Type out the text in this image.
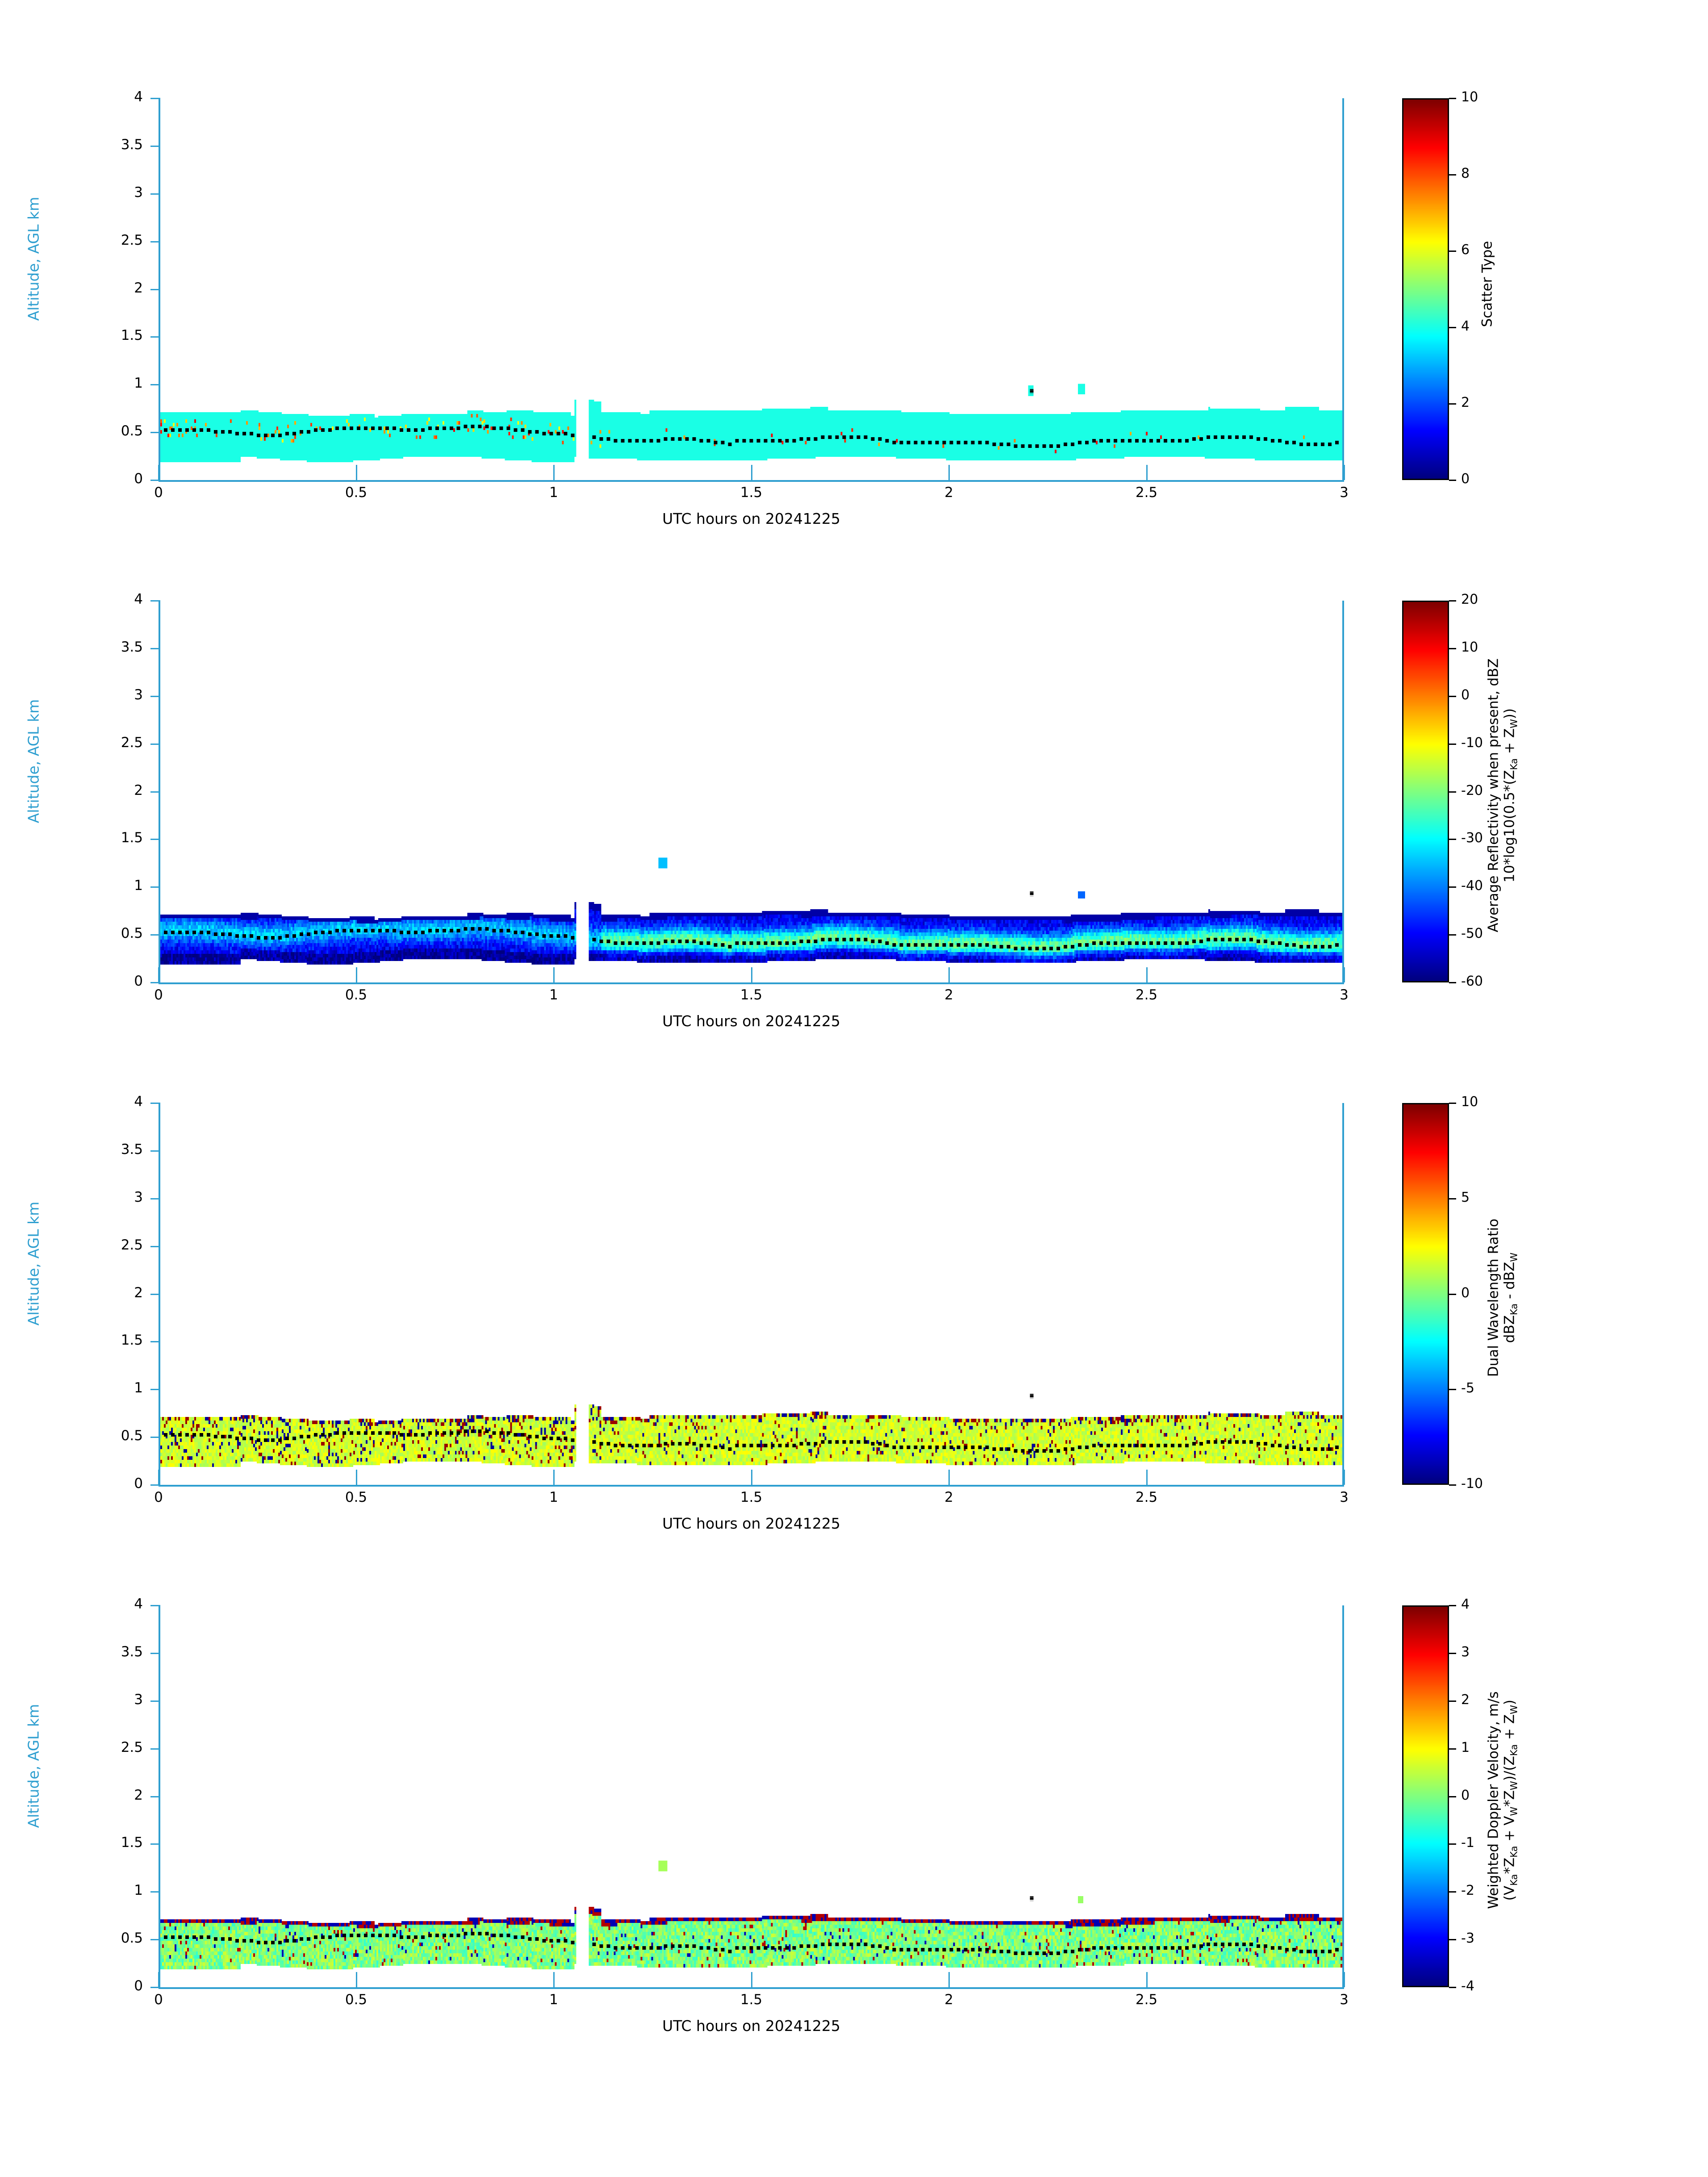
Altitude, AGL km
UTC hours on 20241225
Scatter Type
0
0.5
1
1.5
2
2.5
3
3.5
4
0	0.5	1	1.5	2	2.5	3
10
8
6
4
2
0
Altitude, AGL km
UTC hours on 20241225
Average Reflectivity when present, dBZ $10*\log 10(0.5*(Z_{Ka} + Z_W))$
0
0.5
1
1.5
2
2.5
3
3.5
4
0	0.5	1	1.5	2	2.5	3
20
10
0
-10
-20
-30
-40
-50
-60
Altitude, AGL km
UTC hours on 20241225
Dual Wavelength Ratio dBZ$_{Ka}$ - dBZ$_W$
0
0.5
1
1.5
2
2.5
3
3.5
4
0	0.5	1	1.5	2	2.5	3
10
5
0
-5
-10
Altitude, AGL km
UTC hours on 20241225
Weighted Doppler Velocity, m/s $(V_{Ka}*Z_{Ka} + V_W*Z_W)/(Z_{Ka} + Z_W)$
0
0.5
1
1.5
2
2.5
3
3.5
4
0	0.5	1	1.5	2	2.5	3
4
3
2
1
0
-1
-2
-3
-4
